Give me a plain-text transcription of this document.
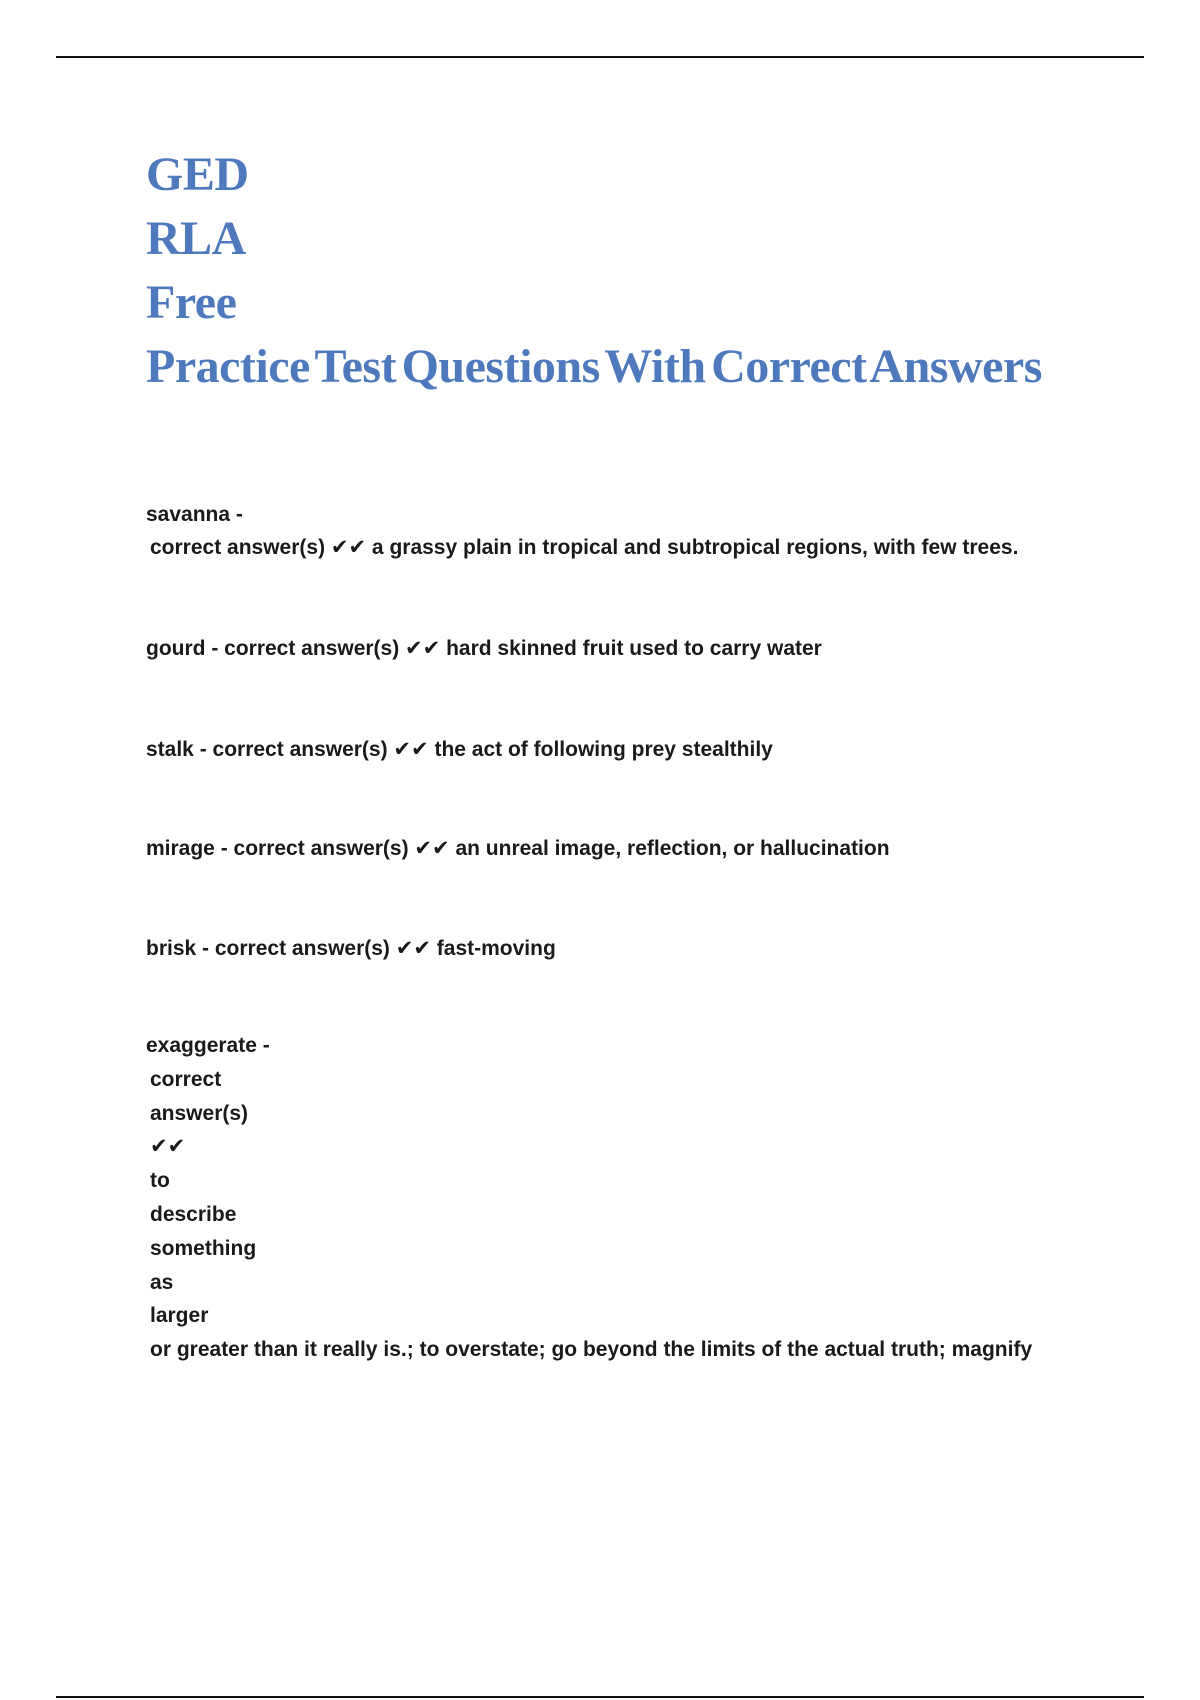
GED
RLA
Free
Practice Test Questions With Correct Answers
savanna -
correct answer(s) ✔✔ a grassy plain in tropical and subtropical regions, with few trees.
gourd - correct answer(s) ✔✔ hard skinned fruit used to carry water
stalk - correct answer(s) ✔✔ the act of following prey stealthily
mirage - correct answer(s) ✔✔ an unreal image, reflection, or hallucination
brisk - correct answer(s) ✔✔ fast-moving
exaggerate -
correct
answer(s)
✔✔
to
describe
something
as
larger
or greater than it really is.; to overstate; go beyond the limits of the actual truth; magnify
